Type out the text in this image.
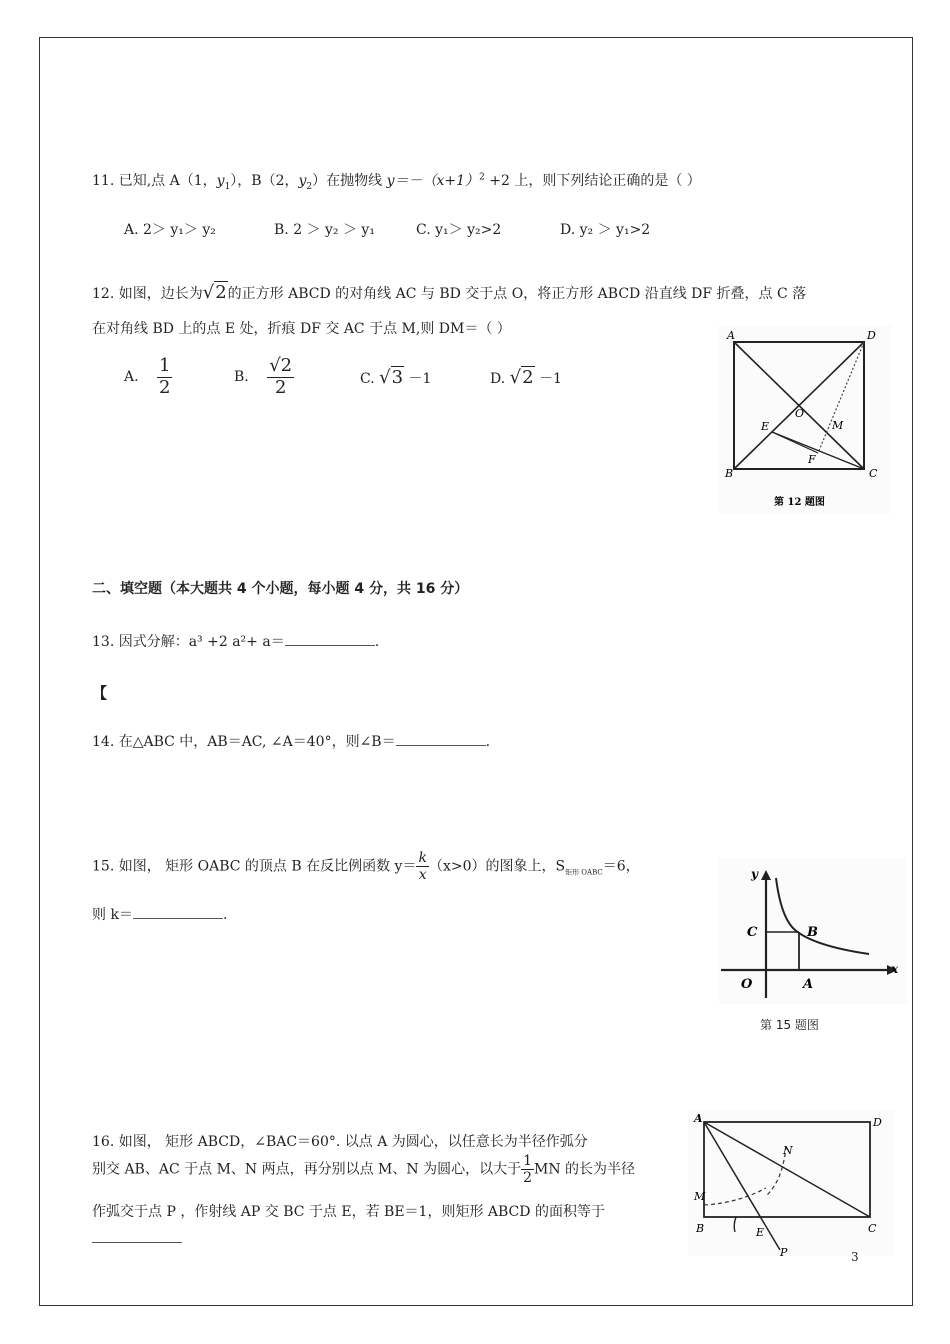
11. 已知,点 A（1，$y_1$），B（2，$y_2$）在抛物线 $y=-(x+1)^2 +2$ 上，则下列结论正确的是（ ）
A. 2＞ y₁＞ y₂	B. 2 ＞ y₂ ＞ y₁	C. y₁＞ y₂>2	D. y₂ ＞ y₁>2
12. 如图，边长为√2的正方形 ABCD 的对角线 AC 与 BD 交于点 O，将正方形 ABCD 沿直线 DF 折叠，点 C 落
在对角线 BD 上的点 E 处，折痕 DF 交 AC 于点 M,则 DM＝（ ）
A. $\frac{1}{2}$	B. $\frac{√2}{2}$	C. √3 －1	D. √2 －1
A	D
O
E	M
F
B	C
第 12 题图
二、填空题（本大题共 4 个小题，每小题 4 分，共 16 分）
13. 因式分解：a³ +2 a²+ a＝	.
【
14. 在△ABC 中，AB＝AC, ∠A＝40°，则∠B＝	.
15. 如图， 矩形 OABC 的顶点 B 在反比例函数 $y= \frac{k}{x} (x>0)$的图象上，$S_{矩形 OABC}=6$，
则 k＝	.
y
C	B
O	A
x
第 15 题图
16. 如图， 矩形 ABCD，∠BAC＝60°. 以点 A 为圆心，以任意长为半径作弧分
别交 AB、AC 于点 M、N 两点，再分别以点 M、N 为圆心，以大于 $\frac{1}{2}$ MN 的长为半径
作弧交于点 P ，作射线 AP 交 BC 于点 E，若 BE＝1，则矩形 ABCD 的面积等于
A	D
N
M
B	E	C
P	3
